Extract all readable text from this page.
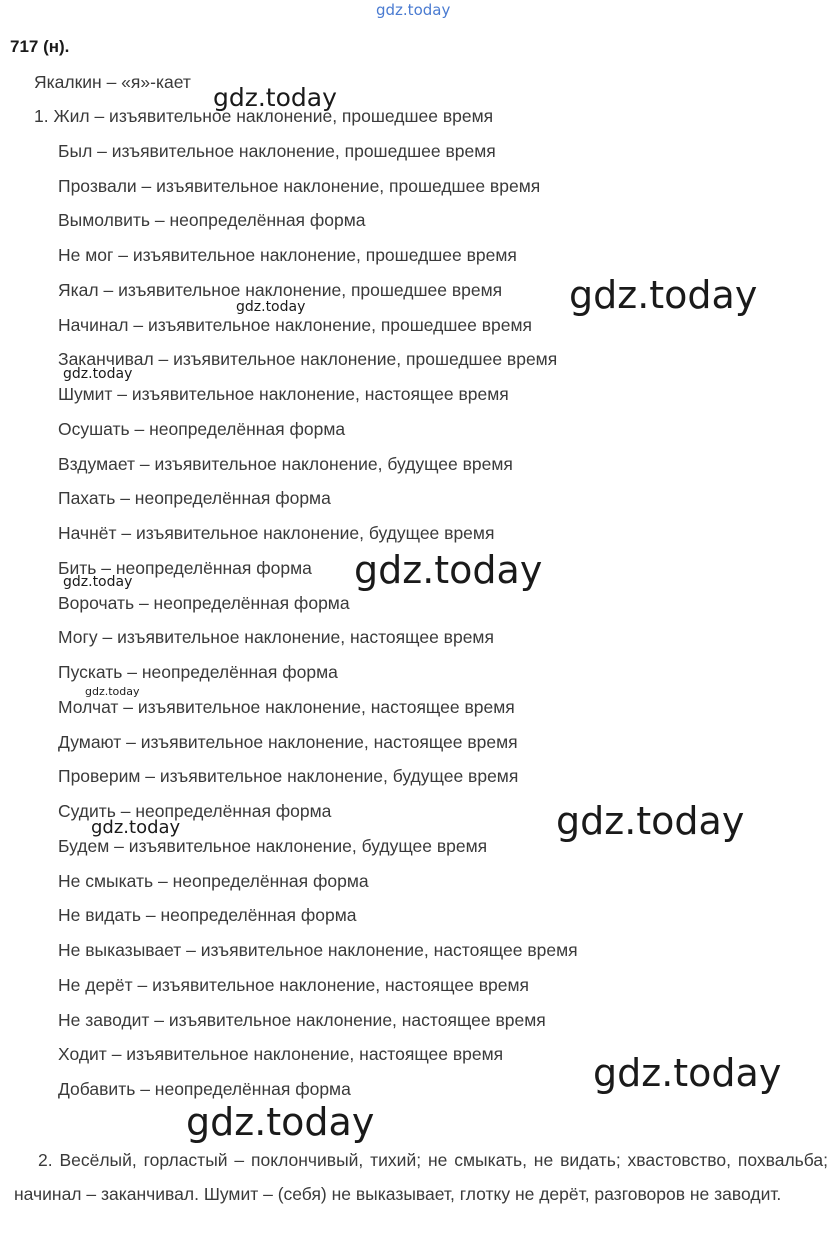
gdz.today
gdz.today
gdz.today
gdz.today
gdz.today
gdz.today
gdz.today
gdz.today
gdz.today
gdz.today
gdz.today
gdz.today
717 (н).
Якалкин – «я»-кает
1. Жил – изъявительное наклонение, прошедшее время
Был – изъявительное наклонение, прошедшее время
Прозвали – изъявительное наклонение, прошедшее время
Вымолвить – неопределённая форма
Не мог – изъявительное наклонение, прошедшее время
Якал – изъявительное наклонение, прошедшее время
Начинал – изъявительное наклонение, прошедшее время
Заканчивал – изъявительное наклонение, прошедшее время
Шумит – изъявительное наклонение, настоящее время
Осушать – неопределённая форма
Вздумает – изъявительное наклонение, будущее время
Пахать – неопределённая форма
Начнёт – изъявительное наклонение, будущее время
Бить – неопределённая форма
Ворочать – неопределённая форма
Могу – изъявительное наклонение, настоящее время
Пускать – неопределённая форма
Молчат – изъявительное наклонение, настоящее время
Думают – изъявительное наклонение, настоящее время
Проверим – изъявительное наклонение, будущее время
Судить – неопределённая форма
Будем – изъявительное наклонение, будущее время
Не смыкать – неопределённая форма
Не видать – неопределённая форма
Не выказывает – изъявительное наклонение, настоящее время
Не дерёт – изъявительное наклонение, настоящее время
Не заводит – изъявительное наклонение, настоящее время
Ходит – изъявительное наклонение, настоящее время
Добавить – неопределённая форма
2. Весёлый, горластый – поклончивый, тихий; не смыкать, не видать; хвастовство, похвальба; начинал – заканчивал. Шумит – (себя) не выказывает, глотку не дерёт, разговоров не заводит.
